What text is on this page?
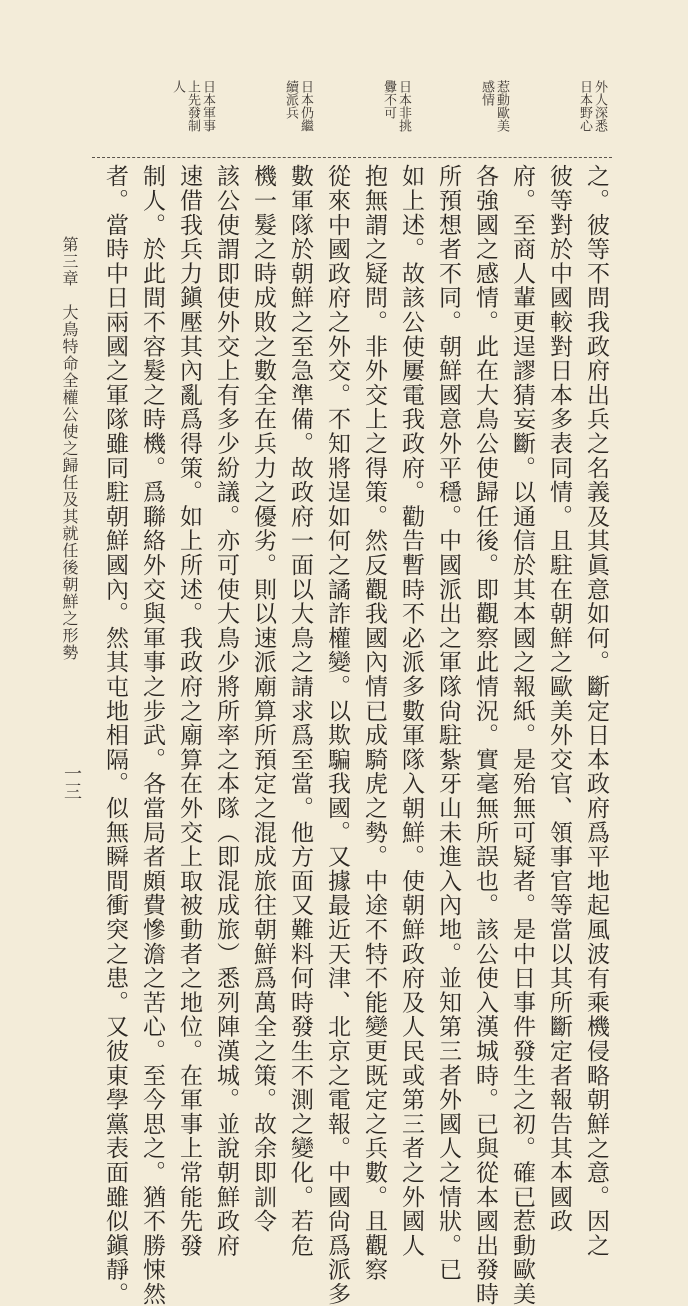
外人深悉
日本野心
惹動歐美
感情
日本非挑
釁不可
日本仍繼
續派兵
日本軍事
上先發制
人
之。彼等不問我政府出兵之名義及其眞意如何。斷定日本政府爲平地起風波有乘機侵略朝鮮之意。因之
彼等對於中國較對日本多表同情。且駐在朝鮮之歐美外交官、領事官等當以其所斷定者報告其本國政
府。至商人輩更逞謬猜妄斷。以通信於其本國之報紙。是殆無可疑者。是中日事件發生之初。確已惹動歐美
各強國之感情。此在大鳥公使歸任後。即觀察此情況。實毫無所誤也。該公使入漢城時。已與從本國出發時
所預想者不同。朝鮮國意外平穩。中國派出之軍隊尙駐紮牙山未進入內地。並知第三者外國人之情狀。已
如上述。故該公使屢電我政府。勸告暫時不必派多數軍隊入朝鮮。使朝鮮政府及人民或第三者之外國人
抱無謂之疑問。非外交上之得策。然反觀我國內情已成騎虎之勢。中途不特不能變更既定之兵數。且觀察
從來中國政府之外交。不知將逞如何之譎詐權變。以欺騙我國。又據最近天津、北京之電報。中國尙爲派多
數軍隊於朝鮮之至急準備。故政府一面以大鳥之請求爲至當。他方面又難料何時發生不測之變化。若危
機一髮之時成敗之數全在兵力之優劣。則以速派廟算所預定之混成旅往朝鮮爲萬全之策。故余即訓令
該公使謂即使外交上有多少紛議。亦可使大鳥少將所率之本隊（即混成旅）悉列陣漢城。並說朝鮮政府
速借我兵力鎭壓其內亂爲得策。如上所述。我政府之廟算在外交上取被動者之地位。在軍事上常能先發
制人。於此間不容髮之時機。爲聯絡外交與軍事之步武。各當局者頗費慘澹之苦心。至今思之。猶不勝悚然
者。當時中日兩國之軍隊雖同駐朝鮮國內。然其屯地相隔。似無瞬間衝突之患。又彼東學黨表面雖似鎭靜。
第三章　大鳥特命全權公使之歸任及其就任後朝鮮之形勢
一三
